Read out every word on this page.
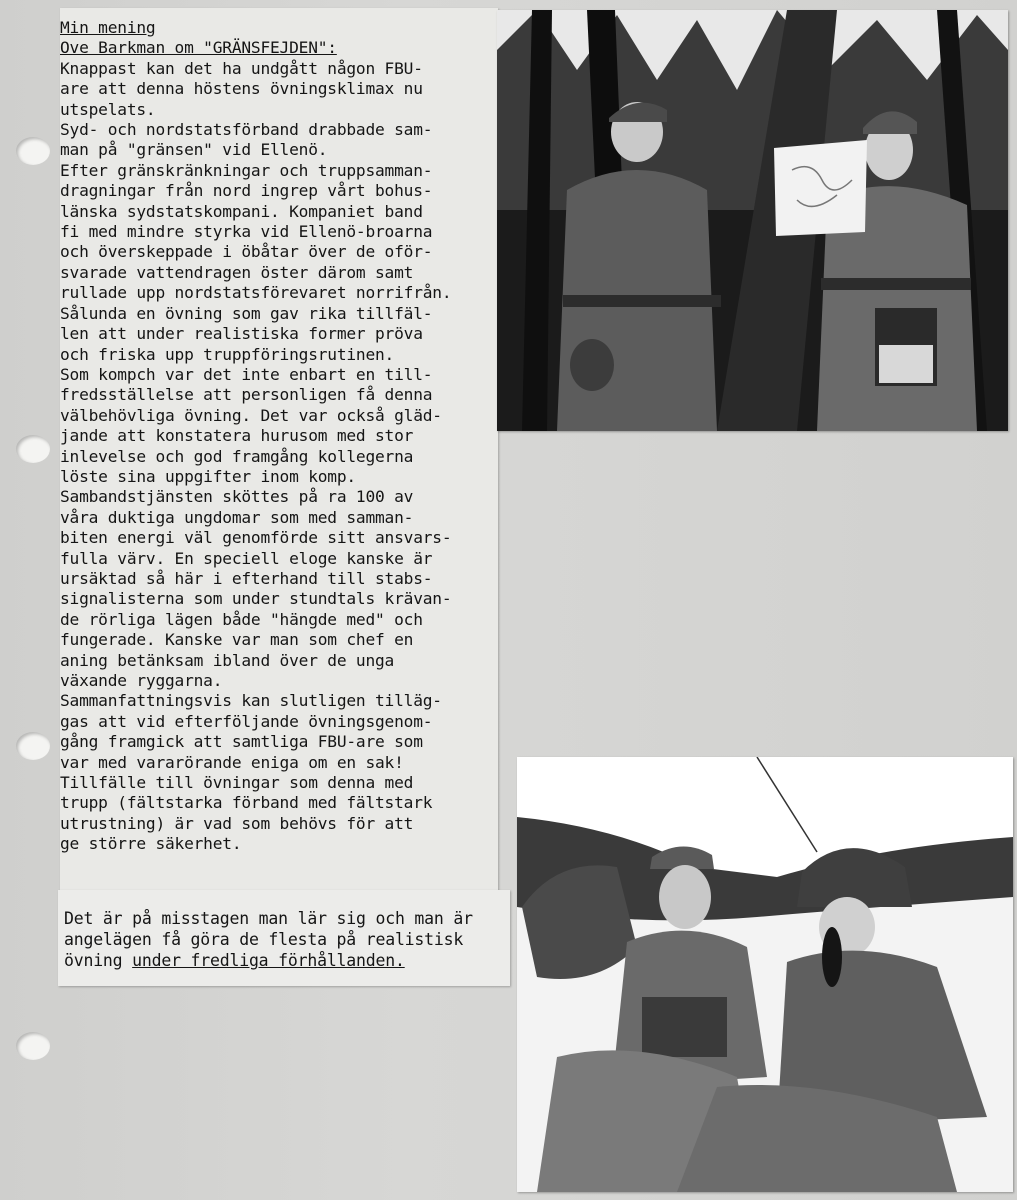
Min mening
Ove Barkman om "GRÄNSFEJDEN":
Knappast kan det ha undgått någon FBU-
are att denna höstens övningsklimax nu
utspelats.
Syd- och nordstatsförband drabbade sam-
man på "gränsen" vid Ellenö.
Efter gränskränkningar och truppsamman-
dragningar från nord ingrep vårt bohus-
länska sydstatskompani. Kompaniet band
fi med mindre styrka vid Ellenö-broarna
och överskeppade i öbåtar över de oför-
svarade vattendragen öster därom samt
rullade upp nordstatsförevaret norrifrån.
Sålunda en övning som gav rika tillfäl-
len att under realistiska former pröva
och friska upp truppföringsrutinen.
Som kompch var det inte enbart en till-
fredsställelse att personligen få denna
välbehövliga övning. Det var också gläd-
jande att konstatera hurusom med stor
inlevelse och god framgång kollegerna
löste sina uppgifter inom komp.
Sambandstjänsten sköttes på ra 100 av
våra duktiga ungdomar som med samman-
biten energi väl genomförde sitt ansvars-
fulla värv. En speciell eloge kanske är
ursäktad så här i efterhand till stabs-
signalisterna som under stundtals krävan-
de rörliga lägen både "hängde med" och
fungerade. Kanske var man som chef en
aning betänksam ibland över de unga
växande ryggarna.
Sammanfattningsvis kan slutligen tilläg-
gas att vid efterföljande övningsgenom-
gång framgick att samtliga FBU-are som
var med vararörande eniga om en sak!
Tillfälle till övningar som denna med
trupp (fältstarka förband med fältstark
utrustning) är vad som behövs för att
ge större säkerhet.
Det är på misstagen man lär sig och man är
angelägen få göra de flesta på realistisk
övning under fredliga förhållanden.
